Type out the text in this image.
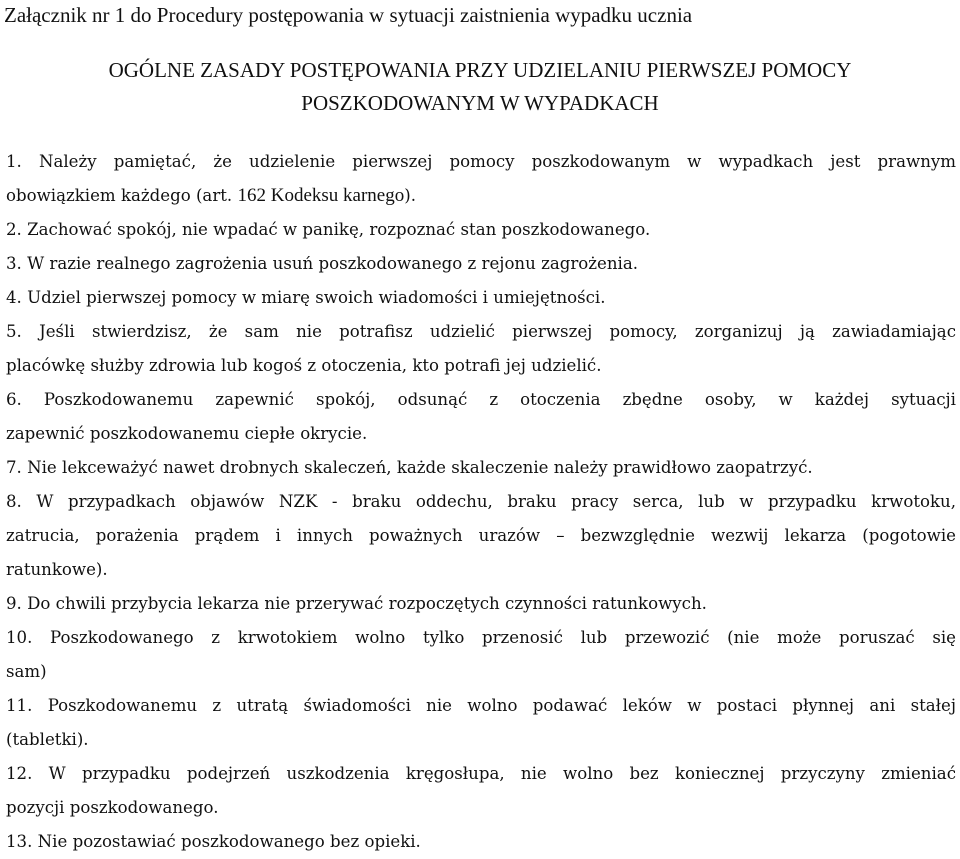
Załącznik nr 1 do Procedury postępowania w sytuacji zaistnienia wypadku ucznia
OGÓLNE ZASADY POSTĘPOWANIA PRZY UDZIELANIU PIERWSZEJ POMOCY
POSZKODOWANYM W WYPADKACH
1. Należy pamiętać, że udzielenie pierwszej pomocy poszkodowanym w wypadkach jest prawnym
obowiązkiem każdego (art. 162 Kodeksu karnego).
2. Zachować spokój, nie wpadać w panikę, rozpoznać stan poszkodowanego.
3. W razie realnego zagrożenia usuń poszkodowanego z rejonu zagrożenia.
4. Udziel pierwszej pomocy w miarę swoich wiadomości i umiejętności.
5. Jeśli stwierdzisz, że sam nie potrafisz udzielić pierwszej pomocy, zorganizuj ją zawiadamiając
placówkę służby zdrowia lub kogoś z otoczenia, kto potrafi jej udzielić.
6. Poszkodowanemu zapewnić spokój, odsunąć z otoczenia zbędne osoby, w każdej sytuacji
zapewnić poszkodowanemu ciepłe okrycie.
7. Nie lekceważyć nawet drobnych skaleczeń, każde skaleczenie należy prawidłowo zaopatrzyć.
8. W przypadkach objawów NZK - braku oddechu, braku pracy serca, lub w przypadku krwotoku,
zatrucia, porażenia prądem i innych poważnych urazów – bezwzględnie wezwij lekarza (pogotowie
ratunkowe).
9. Do chwili przybycia lekarza nie przerywać rozpoczętych czynności ratunkowych.
10. Poszkodowanego z krwotokiem wolno tylko przenosić lub przewozić (nie może poruszać się
sam)
11. Poszkodowanemu z utratą świadomości nie wolno podawać leków w postaci płynnej ani stałej
(tabletki).
12. W przypadku podejrzeń uszkodzenia kręgosłupa, nie wolno bez koniecznej przyczyny zmieniać
pozycji poszkodowanego.
13. Nie pozostawiać poszkodowanego bez opieki.
